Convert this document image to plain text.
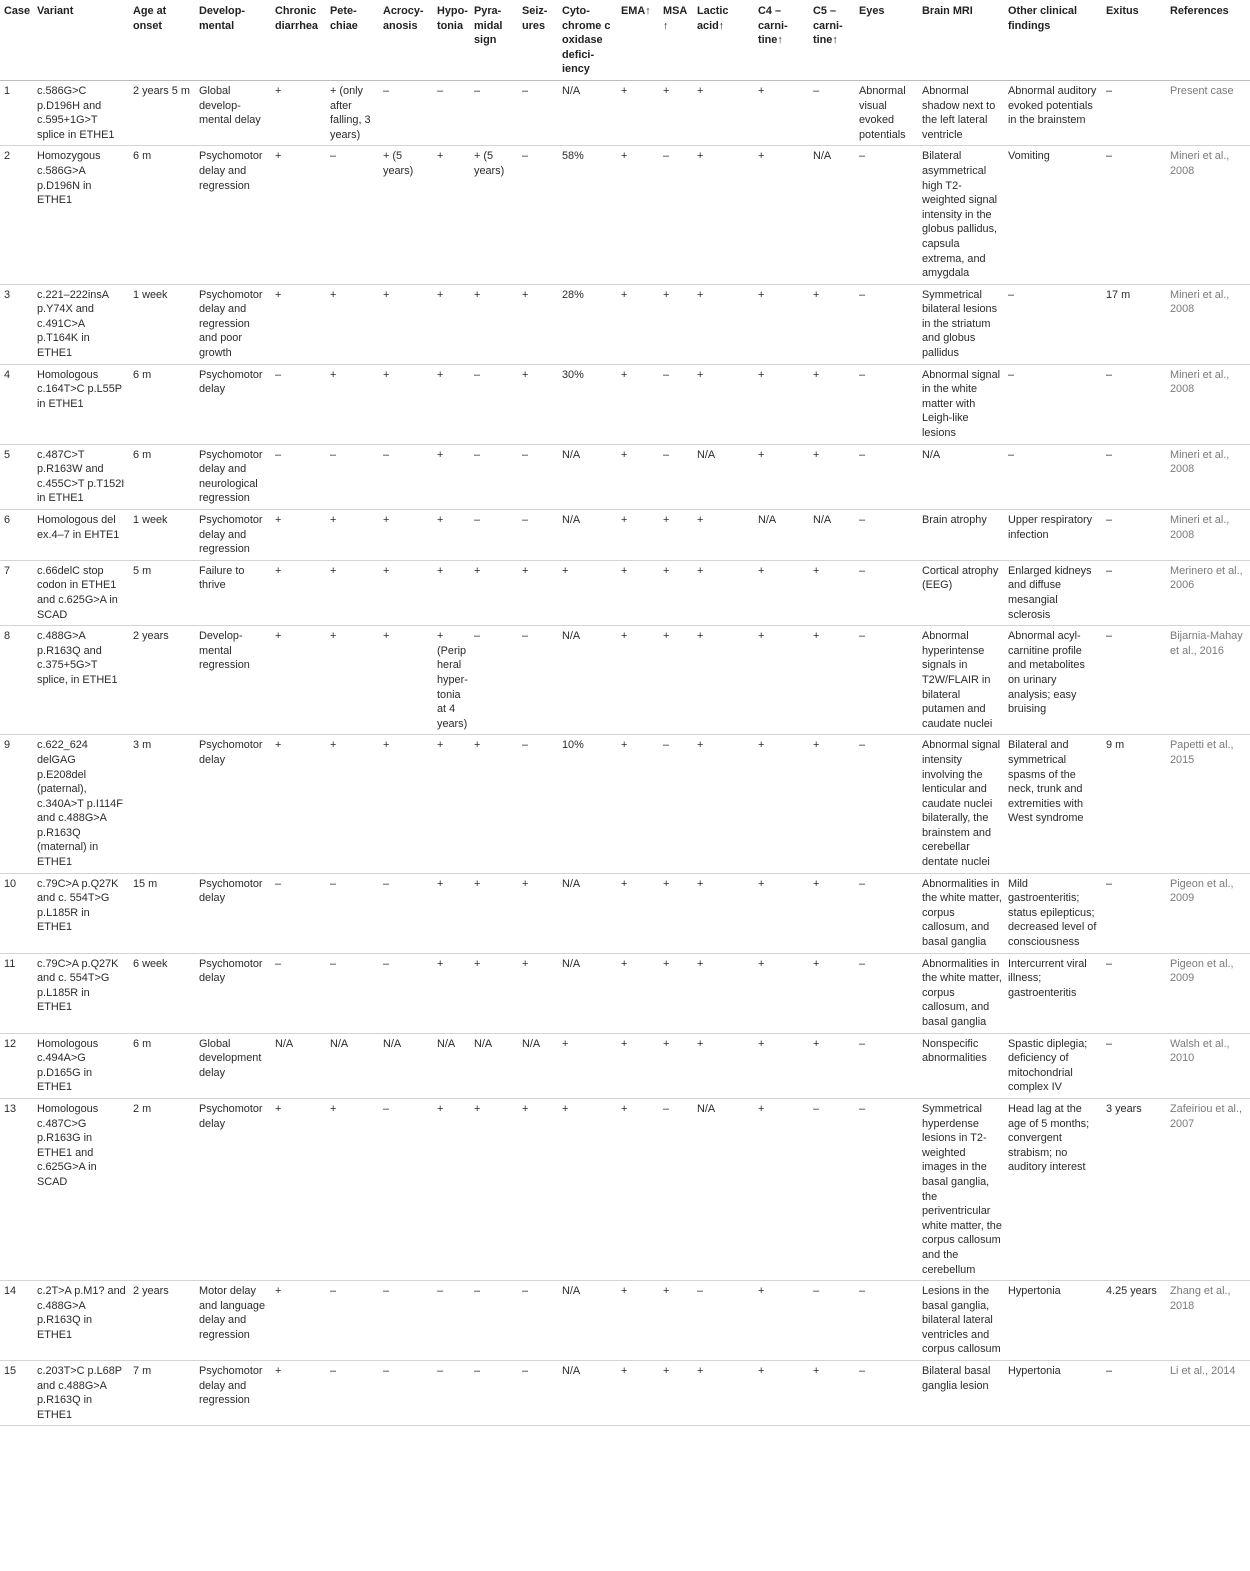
Case	Variant	Age at onset	Develop-mental	Chronic diarrhea	Pete-chiae	Acrocy-anosis	Hypo-tonia	Pyra-midal sign	Seiz-ures	Cyto-chrome c oxidase defici-iency	EMA↑	MSA↑	Lactic acid↑	C4 – carni-tine↑	C5 – carni-tine↑	Eyes	Brain MRI	Other clinical findings	Exitus	References
1	c.586G>C p.D196H and c.595+1G>T splice in ETHE1	2 years 5 m	Global develop-mental delay	+	+ (only after falling, 3 years)	–	–	–	–	N/A	+	+	+	+	–	Abnormal visual evoked potentials	Abnormal shadow next to the left lateral ventricle	Abnormal auditory evoked potentials in the brainstem	–	Present case
2	Homozygous c.586G>A p.D196N in ETHE1	6 m	Psychomotor delay and regression	+	–	+ (5 years)	+	+ (5 years)	–	58%	+	–	+	+	N/A	–	Bilateral asymmetrical high T2-weighted signal intensity in the globus pallidus, capsula extrema, and amygdala	Vomiting	–	Mineri et al., 2008
3	c.221–222insA p.Y74X and c.491C>A p.T164K in ETHE1	1 week	Psychomotor delay and regression and poor growth	+	+	+	+	+	+	28%	+	+	+	+	+	–	Symmetrical bilateral lesions in the striatum and globus pallidus	–	17 m	Mineri et al., 2008
4	Homologous c.164T>C p.L55P in ETHE1	6 m	Psychomotor delay	–	+	+	+	–	+	30%	+	–	+	+	+	–	Abnormal signal in the white matter with Leigh-like lesions	–	–	Mineri et al., 2008
5	c.487C>T p.R163W and c.455C>T p.T152I in ETHE1	6 m	Psychomotor delay and neurological regression	–	–	–	+	–	–	N/A	+	–	N/A	+	+	–	N/A	–	–	Mineri et al., 2008
6	Homologous del ex.4–7 in EHTE1	1 week	Psychomotor delay and regression	+	+	+	+	–	–	N/A	+	+	+	N/A	N/A	–	Brain atrophy	Upper respiratory infection	–	Mineri et al., 2008
7	c.66delC stop codon in ETHE1 and c.625G>A in SCAD	5 m	Failure to thrive	+	+	+	+	+	+	+	+	+	+	+	+	–	Cortical atrophy (EEG)	Enlarged kidneys and diffuse mesangial sclerosis	–	Merinero et al., 2006
8	c.488G>A p.R163Q and c.375+5G>T splice, in ETHE1	2 years	Develop-mental regression	+	+	+	+ (Peripheral hyper-tonia at 4 years)	–	–	N/A	+	+	+	+	+	–	Abnormal hyperintense signals in T2W/FLAIR in bilateral putamen and caudate nuclei	Abnormal acyl-carnitine profile and metabolites on urinary analysis; easy bruising	–	Bijarnia-Mahay et al., 2016
9	c.622_624 delGAG p.E208del (paternal), c.340A>T p.I114F and c.488G>A p.R163Q (maternal) in ETHE1	3 m	Psychomotor delay	+	+	+	+	+	–	10%	+	–	+	+	+	–	Abnormal signal intensity involving the lenticular and caudate nuclei bilaterally, the brainstem and cerebellar dentate nuclei	Bilateral and symmetrical spasms of the neck, trunk and extremities with West syndrome	9 m	Papetti et al., 2015
10	c.79C>A p.Q27K and c. 554T>G p.L185R in ETHE1	15 m	Psychomotor delay	–	–	–	+	+	+	N/A	+	+	+	+	+	–	Abnormalities in the white matter, corpus callosum, and basal ganglia	Mild gastroenteritis; status epilepticus; decreased level of consciousness	–	Pigeon et al., 2009
11	c.79C>A p.Q27K and c. 554T>G p.L185R in ETHE1	6 week	Psychomotor delay	–	–	–	+	+	+	N/A	+	+	+	+	+	–	Abnormalities in the white matter, corpus callosum, and basal ganglia	Intercurrent viral illness; gastroenteritis	–	Pigeon et al., 2009
12	Homologous c.494A>G p.D165G in ETHE1	6 m	Global development delay	N/A	N/A	N/A	N/A	N/A	N/A	+	+	+	+	+	+	–	Nonspecific abnormalities	Spastic diplegia; deficiency of mitochondrial complex IV	–	Walsh et al., 2010
13	Homologous c.487C>G p.R163G in ETHE1 and c.625G>A in SCAD	2 m	Psychomotor delay	+	+	–	+	+	+	+	+	–	N/A	+	–	–	Symmetrical hyperdense lesions in T2-weighted images in the basal ganglia, the periventricular white matter, the corpus callosum and the cerebellum	Head lag at the age of 5 months; convergent strabism; no auditory interest	3 years	Zafeiriou et al., 2007
14	c.2T>A p.M1? and c.488G>A p.R163Q in ETHE1	2 years	Motor delay and language delay and regression	+	–	–	–	–	–	N/A	+	+	–	+	–	–	Lesions in the basal ganglia, bilateral lateral ventricles and corpus callosum	Hypertonia	4.25 years	Zhang et al., 2018
15	c.203T>C p.L68P and c.488G>A p.R163Q in ETHE1	7 m	Psychomotor delay and regression	+	–	–	–	–	–	N/A	+	+	+	+	+	–	Bilateral basal ganglia lesion	Hypertonia	–	Li et al., 2014
